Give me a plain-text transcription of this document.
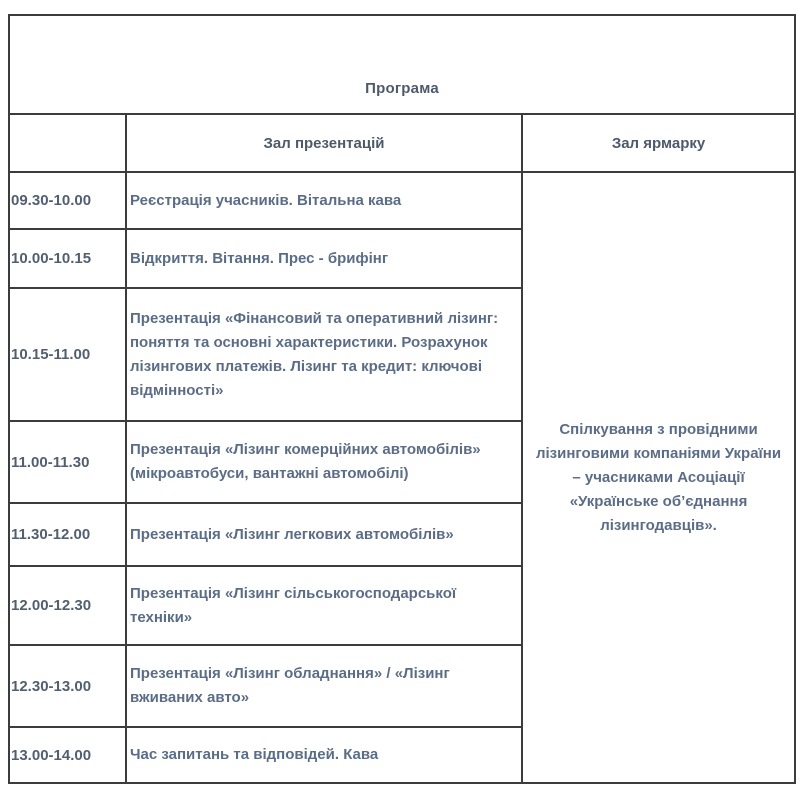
Програма		
	Зал презентацій	Зал ярмарку
09.30-10.00	Реєстрація учасників. Вітальна кава	Спілкування з провідними лізинговими компаніями України – учасниками Асоціації «Українське об’єднання лізингодавців».
10.00-10.15	Відкриття. Вітання. Прес - брифінг	
10.15-11.00	Презентація «Фінансовий та оперативний лізинг: поняття та основні характеристики. Розрахунок лізингових платежів. Лізинг та кредит: ключові відмінності»	
11.00-11.30	Презентація «Лізинг комерційних автомобілів» (мікроавтобуси, вантажні автомобілі)	
11.30-12.00	Презентація «Лізинг легкових автомобілів»	
12.00-12.30	Презентація «Лізинг сільськогосподарської техніки»	
12.30-13.00	Презентація «Лізинг обладнання» / «Лізинг вживаних авто»	
13.00-14.00	Час запитань та відповідей. Кава	
